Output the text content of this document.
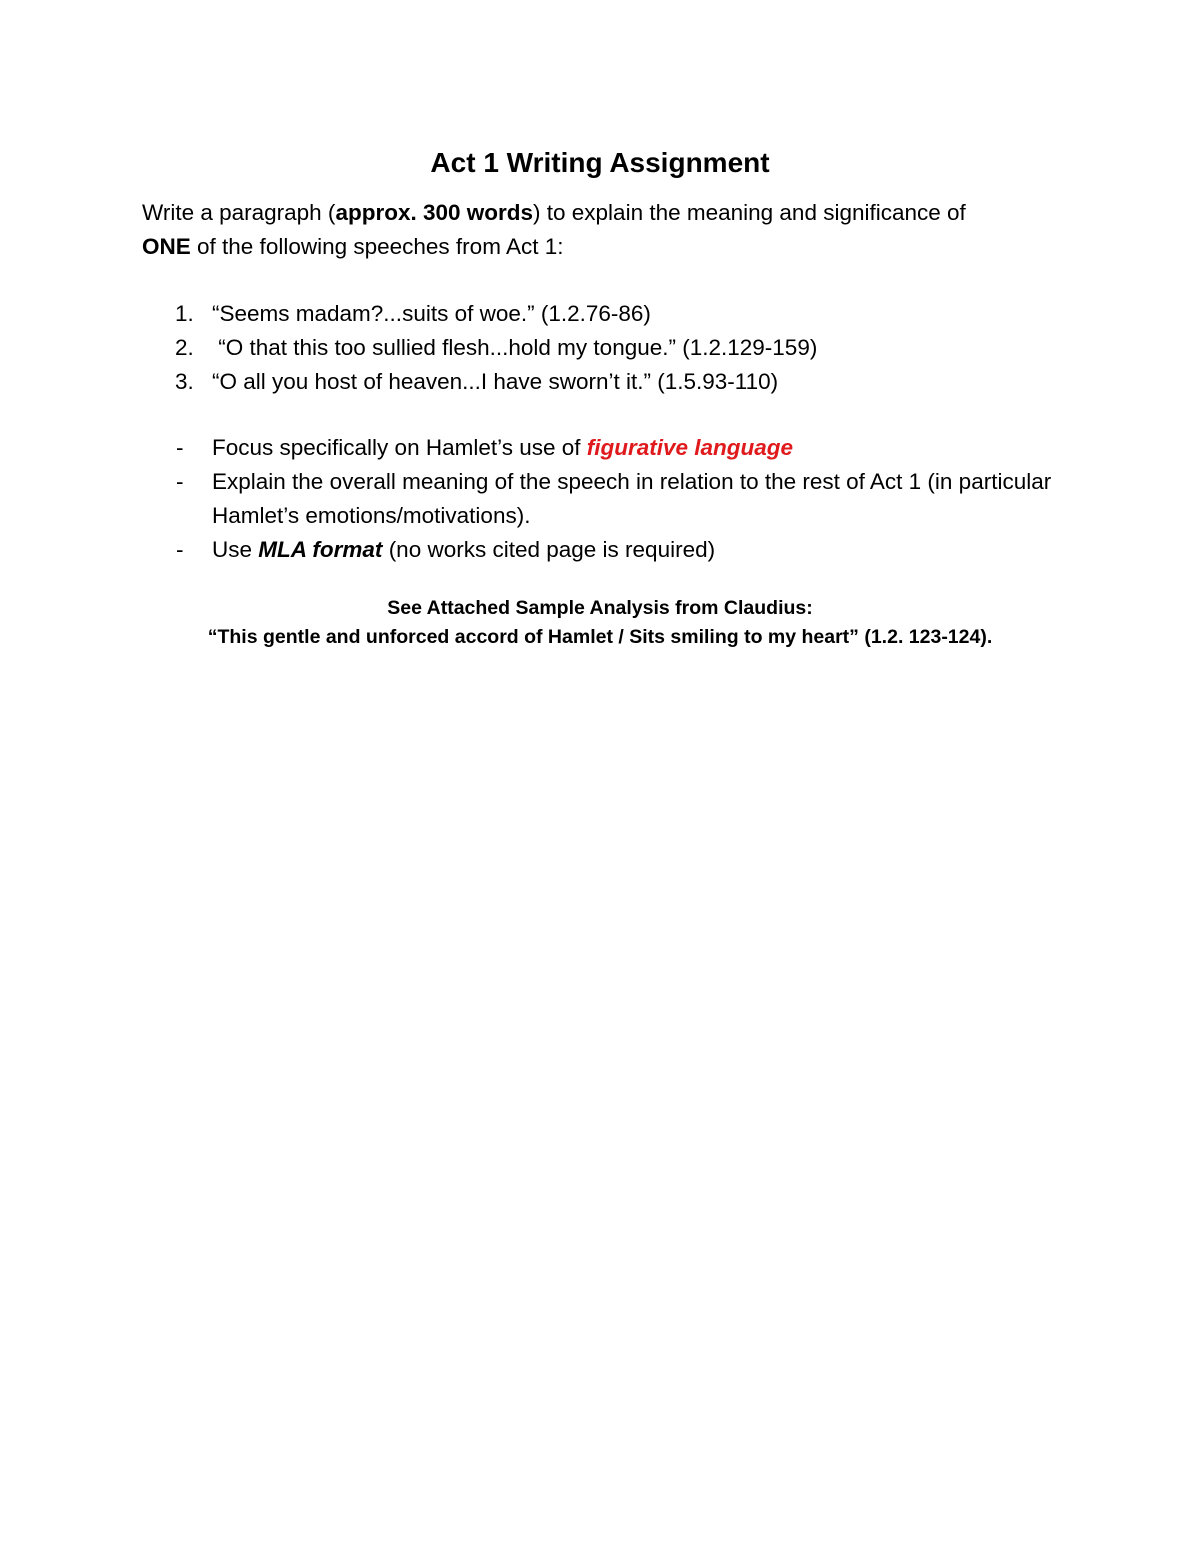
Act 1 Writing Assignment

Write a paragraph (approx. 300 words) to explain the meaning and significance of

ONE of the following speeches from Act 1:

1. “Seems madam?...suits of woe.” (1.2.76-86)
2. “O that this too sullied flesh...hold my tongue.” (1.2.129-159)
3. “O all you host of heaven...I have sworn’t it.” (1.5.93-110)
- Focus specifically on Hamlet’s use of figurative language
- Explain the overall meaning of the speech in relation to the rest of Act 1 (in particular Hamlet’s emotions/motivations).
- Use MLA format (no works cited page is required)
See Attached Sample Analysis from Claudius:
“This gentle and unforced accord of Hamlet / Sits smiling to my heart” (1.2. 123-124).
